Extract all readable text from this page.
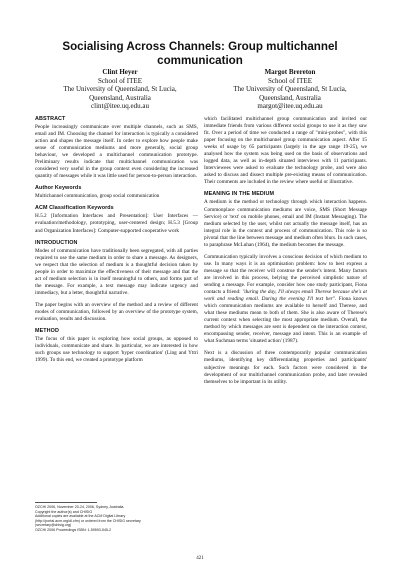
Socialising Across Channels: Group multichannel
communication
Clint Heyer
School of ITEE
The University of Queensland, St Lucia,
Queensland, Australia
clint@itee.uq.edu.au
Margot Brereton
School of ITEE
The University of Queensland, St Lucia,
Queensland, Australia
margot@itee.uq.edu.au
ABSTRACT

People increasingly communicate over multiple channels, such as SMS, email and IM. Choosing the channel for interaction is typically a considered action and shapes the message itself. In order to explore how people make sense of communication mediums and more generally, social group behaviour, we developed a multichannel communication prototype. Preliminary results indicate that multichannel communication was considered very useful in the group context even considering the increased quantity of messages while it was little used for person-to-person interaction.

Author Keywords

Multichannel communication, group social communication

ACM Classification Keywords

H.5.2 [Information Interfaces and Presentation]: User Interfaces — evaluation/methodology, prototyping, user-centered design; H.5.3 [Group and Organization Interfaces]: Computer-supported cooperative work

INTRODUCTION

Modes of communication have traditionally been segregated, with all parties required to use the same medium in order to share a message. As designers, we respect that the selection of medium is a thoughtful decision taken by people in order to maximize the effectiveness of their message and that the act of medium selection is in itself meaningful to others, and forms part of the message. For example, a text message may indicate urgency and immediacy, but a letter, thoughtful narrative.

The paper begins with an overview of the method and a review of different modes of communication, followed by an overview of the prototype system, evaluation, results and discussion.

METHOD

The focus of this paper is exploring how social groups, as opposed to individuals, communicate and share. In particular, we are interested in how such groups use technology to support 'hyper coordination' (Ling and Yttri 1999). To this end, we created a prototype platform

OZCHI 2006, November 20-24, 2006, Sydney, Australia.
Copyright the author(s) and CHISIG
Additional copies are available at the ACM Digital Library
(http://portal.acm.org/dl.cfm) or ordered from the CHISIG secretary
(secretary@chisig.org)
OZCHI 2006 Proceedings ISBN: 1-59593-545-2

which facilitated multichannel group communication and invited our immediate friends from various different social groups to use it as they saw fit. Over a period of time we conducted a range of "mini-probes", with this paper focusing on the multichannel group communication aspect. After 15 weeks of usage by 65 participants (largely in the age range 19-25), we analysed how the system was being used on the basis of observations and logged data, as well as in-depth situated interviews with 11 participants. Interviewees were asked to evaluate the technology probe, and were also asked to discuss and dissect multiple pre-existing means of communication. Their comments are included in the review where useful or illustrative.

MEANING IN THE MEDIUM

A medium is the method or technology through which interaction happens. Commonplace communication mediums are voice, SMS (Short Message Service) or 'text' on mobile phones, email and IM (Instant Messaging). The medium selected by the user, whilst not actually the message itself, has an integral role in the context and process of communication. This role is so pivotal that the line between message and medium often blurs. In such cases, to paraphrase McLuhan (1964), the medium becomes the message.

Communication typically involves a conscious decision of which medium to use. In many ways it is an optimisation problem: how to best express a message so that the receiver will construe the sender's intent. Many factors are involved in this process, belying the perceived simplistic nature of sending a message. For example, consider how one study participant, Fiona contacts a friend: "during the day, I'll always email Therese because she's at work and reading email. During the evening I'll text her". Fiona knows which communication mediums are available to herself and Therese, and what these mediums mean to both of them. She is also aware of Therese's current context when selecting the most appropriate medium. Overall, the method by which messages are sent is dependent on the interaction context, encompassing sender, receiver, message and intent. This is an example of what Suchman terms 'situated action' (1987).

Next is a discussion of three contemporarily popular communication mediums, identifying key differentiating properties and participants' subjective meanings for each. Such factors were considered in the development of our multichannel communication probe, and later revealed themselves to be important in its utility.

421
